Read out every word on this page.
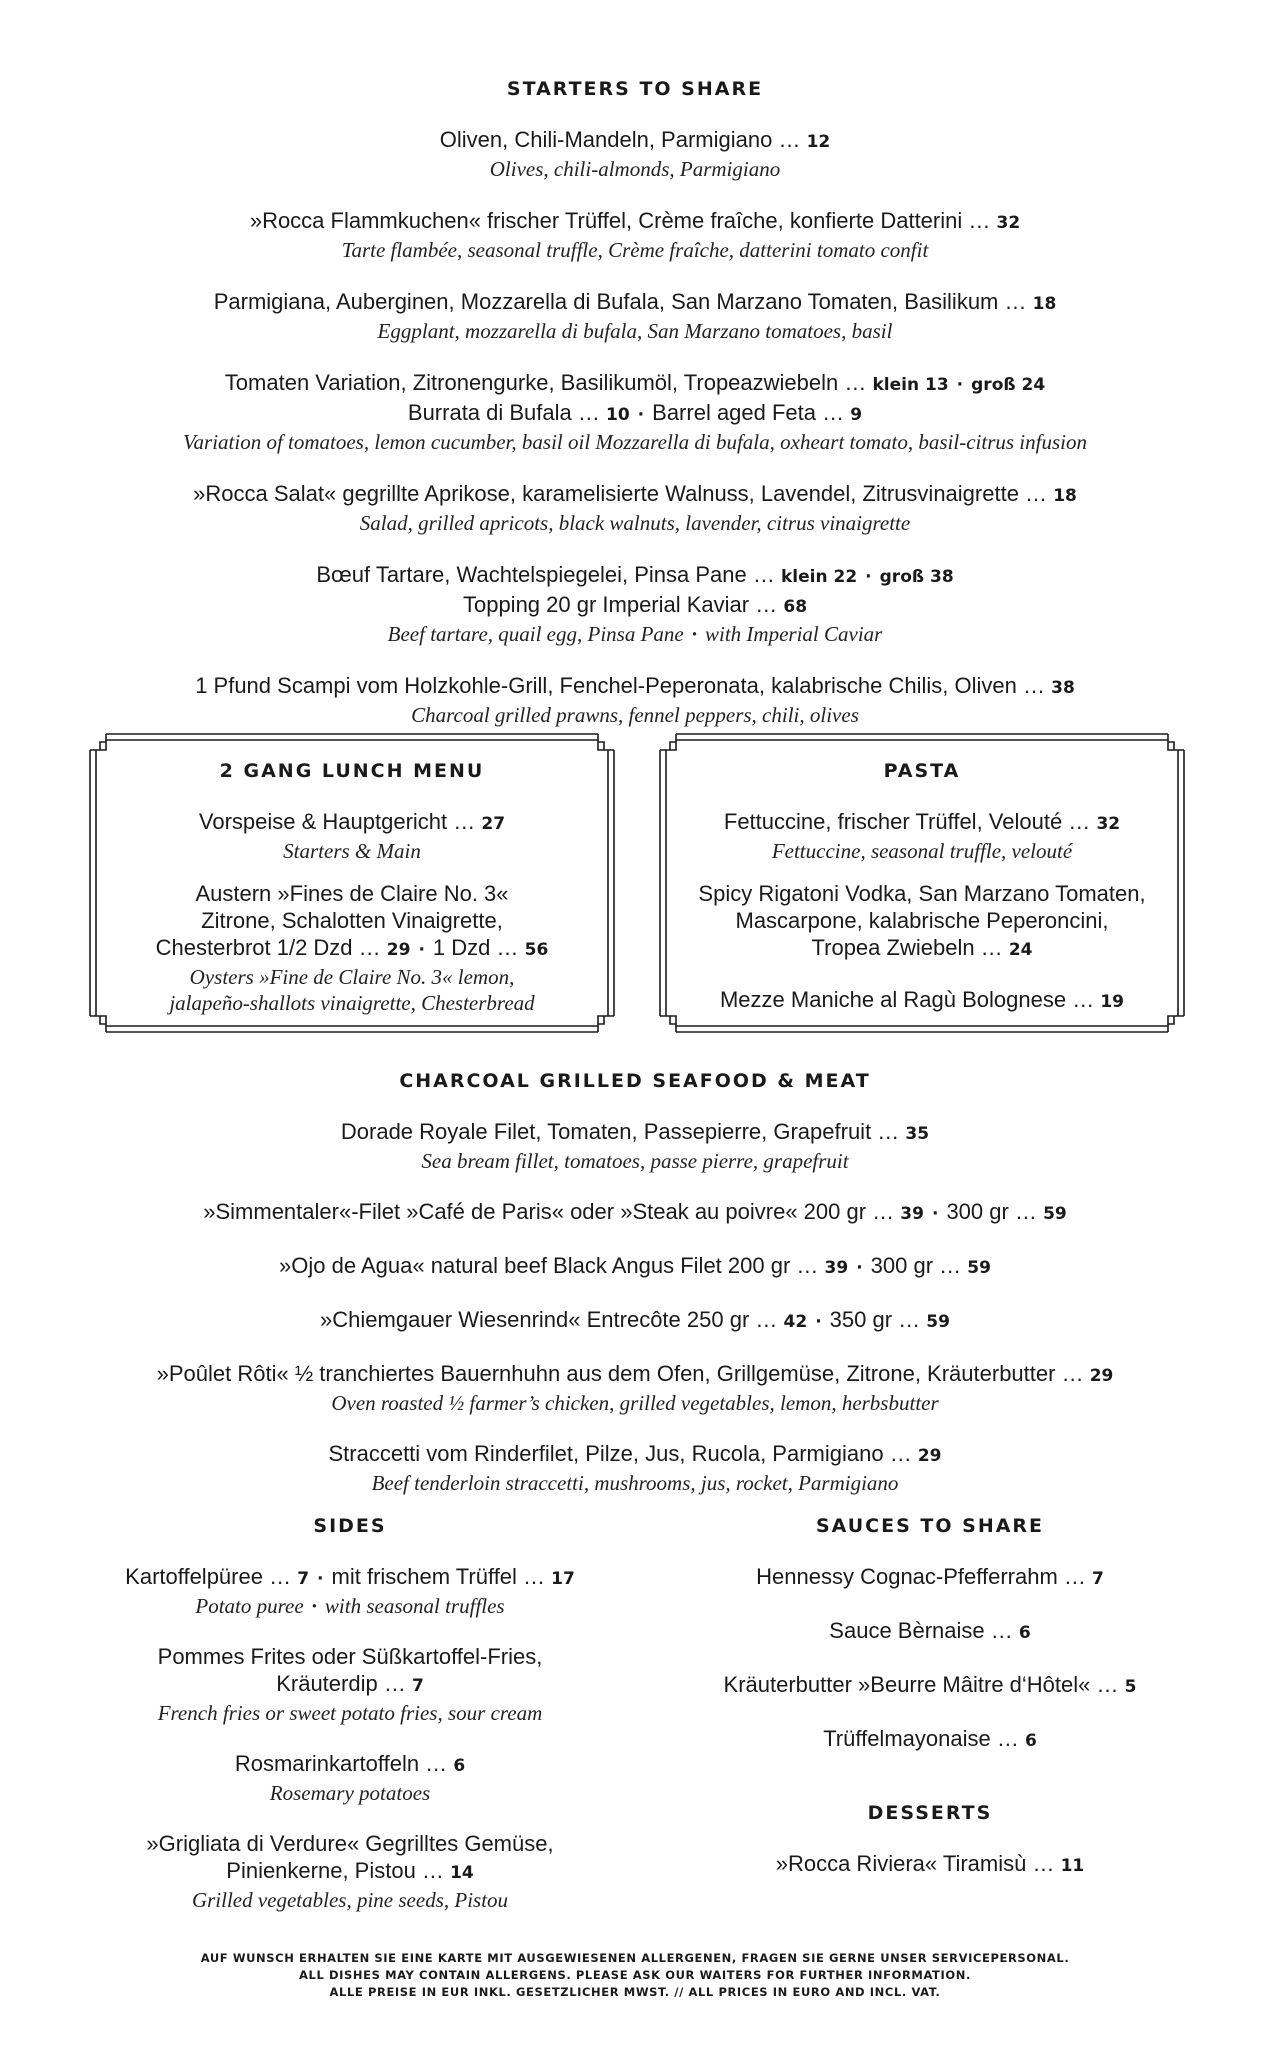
STARTERS TO SHARE
Oliven, Chili-Mandeln, Parmigiano … 12
Olives, chili-almonds, Parmigiano
»Rocca Flammkuchen« frischer Trüffel, Crème fraîche, konfierte Datterini … 32
Tarte flambée, seasonal truffle, Crème fraîche, datterini tomato confit
Parmigiana, Auberginen, Mozzarella di Bufala, San Marzano Tomaten, Basilikum … 18
Eggplant, mozzarella di bufala, San Marzano tomatoes, basil
Tomaten Variation, Zitronengurke, Basilikumöl, Tropeazwiebeln … klein 13 · groß 24
Burrata di Bufala … 10 · Barrel aged Feta … 9
Variation of tomatoes, lemon cucumber, basil oil Mozzarella di bufala, oxheart tomato, basil-citrus infusion
»Rocca Salat« gegrillte Aprikose, karamelisierte Walnuss, Lavendel, Zitrusvinaigrette … 18
Salad, grilled apricots, black walnuts, lavender, citrus vinaigrette
Bœuf Tartare, Wachtelspiegelei, Pinsa Pane … klein 22 · groß 38
Topping 20 gr Imperial Kaviar … 68
Beef tartare, quail egg, Pinsa Pane · with Imperial Caviar
1 Pfund Scampi vom Holzkohle-Grill, Fenchel-Peperonata, kalabrische Chilis, Oliven … 38
Charcoal grilled prawns, fennel peppers, chili, olives
2 GANG LUNCH MENU
Vorspeise & Hauptgericht … 27
Starters & Main
Austern »Fines de Claire No. 3«
Zitrone, Schalotten Vinaigrette,
Chesterbrot 1/2 Dzd … 29 · 1 Dzd … 56
Oysters »Fine de Claire No. 3« lemon,
jalapeño-shallots vinaigrette, Chesterbread
PASTA
Fettuccine, frischer Trüffel, Velouté … 32
Fettuccine, seasonal truffle, velouté
Spicy Rigatoni Vodka, San Marzano Tomaten,
Mascarpone, kalabrische Peperoncini,
Tropea Zwiebeln … 24
Mezze Maniche al Ragù Bolognese … 19
CHARCOAL GRILLED SEAFOOD & MEAT
Dorade Royale Filet, Tomaten, Passepierre, Grapefruit … 35
Sea bream fillet, tomatoes, passe pierre, grapefruit
»Simmentaler«-Filet »Café de Paris« oder »Steak au poivre« 200 gr … 39 · 300 gr … 59
»Ojo de Agua« natural beef Black Angus Filet 200 gr … 39 · 300 gr … 59
»Chiemgauer Wiesenrind« Entrecôte 250 gr … 42 · 350 gr … 59
»Poûlet Rôti« ½ tranchiertes Bauernhuhn aus dem Ofen, Grillgemüse, Zitrone, Kräuterbutter … 29
Oven roasted ½ farmer’s chicken, grilled vegetables, lemon, herbsbutter
Straccetti vom Rinderfilet, Pilze, Jus, Rucola, Parmigiano … 29
Beef tenderloin straccetti, mushrooms, jus, rocket, Parmigiano
SIDES
Kartoffelpüree … 7 · mit frischem Trüffel … 17
Potato puree · with seasonal truffles
Pommes Frites oder Süßkartoffel-Fries,
Kräuterdip … 7
French fries or sweet potato fries, sour cream
Rosmarinkartoffeln … 6
Rosemary potatoes
»Grigliata di Verdure« Gegrilltes Gemüse,
Pinienkerne, Pistou … 14
Grilled vegetables, pine seeds, Pistou
SAUCES TO SHARE
Hennessy Cognac-Pfefferrahm … 7
Sauce Bèrnaise … 6
Kräuterbutter »Beurre Mâitre d‘Hôtel« … 5
Trüffelmayonaise … 6
DESSERTS
»Rocca Riviera« Tiramisù … 11
AUF WUNSCH ERHALTEN SIE EINE KARTE MIT AUSGEWIESENEN ALLERGENEN, FRAGEN SIE GERNE UNSER SERVICEPERSONAL.
ALL DISHES MAY CONTAIN ALLERGENS. PLEASE ASK OUR WAITERS FOR FURTHER INFORMATION.
ALLE PREISE IN EUR INKL. GESETZLICHER MWST. // ALL PRICES IN EURO AND INCL. VAT.
